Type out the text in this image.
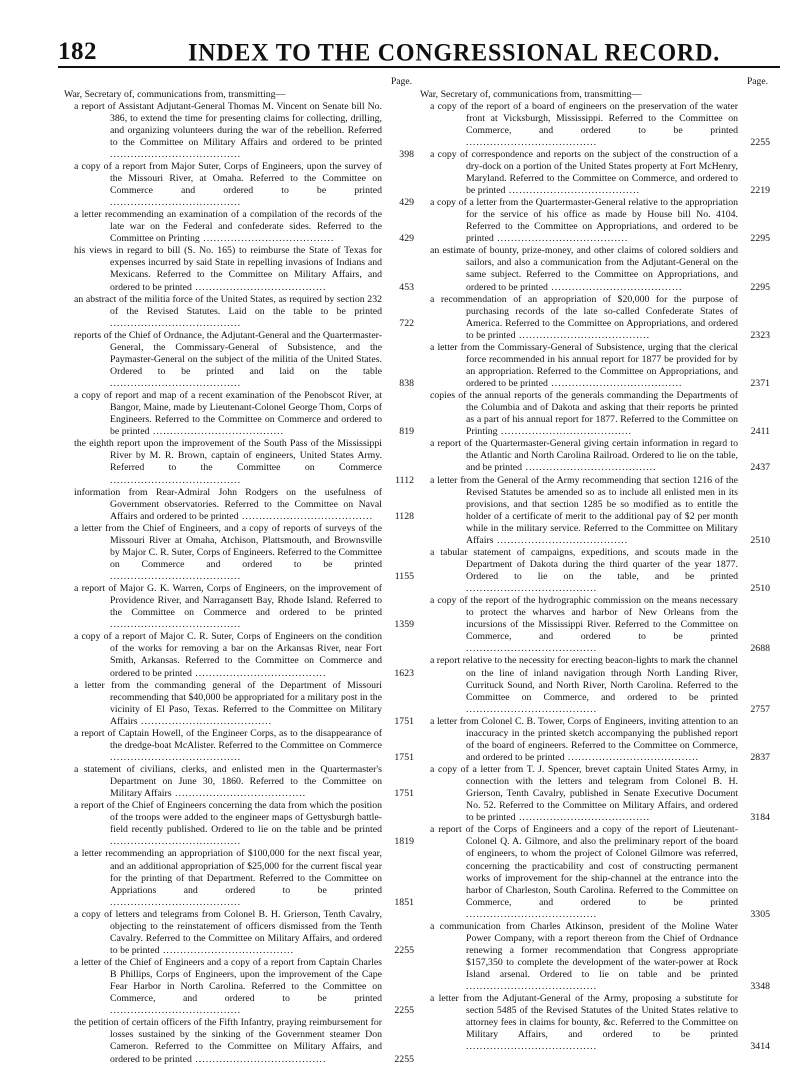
182	INDEX TO THE CONGRESSIONAL RECORD.
Page.
War, Secretary of, communications from, transmitting—
a report of Assistant Adjutant-General Thomas M. Vincent on Senate bill No. 386, to extend the time for presenting claims for collecting, drilling, and organizing volunteers during the war of the rebellion. Referred to the Committee on Military Affairs and ordered to be printed .....
398
a copy of a report from Major Suter, Corps of Engineers, upon the survey of the Missouri River, at Omaha. Referred to the Committee on Commerce and ordered to be printed .....
429
a letter recommending an examination of a compilation of the records of the late war on the Federal and confederate sides. Referred to the Committee on Printing .....	429
his views in regard to bill (S. No. 165) to reimburse the State of Texas for expenses incurred by said State in repelling invasions of Indians and Mexicans. Referred to the Committee on Military Affairs, and ordered to be printed .....	453
an abstract of the militia force of the United States, as required by section 232 of the Revised Statutes. Laid on the table to be printed .....
722
reports of the Chief of Ordnance, the Adjutant-General and the Quartermaster-General, the Commissary-General of Subsistence, and the Paymaster-General on the subject of the militia of the United States. Ordered to be printed and laid on the table .....
838
a copy of report and map of a recent examination of the Penobscot River, at Bangor, Maine, made by Lieutenant-Colonel George Thom, Corps of Engineers. Referred to the Committee on Commerce and ordered to be printed .....	819
the eighth report upon the improvement of the South Pass of the Mississippi River by M. R. Brown, captain of engineers, United States Army. Referred to the Committee on Commerce .....
1112
information from Rear-Admiral John Rodgers on the usefulness of Government observatories. Referred to the Committee on Naval Affairs and ordered to be printed .....	1128
a letter from the Chief of Engineers, and a copy of reports of surveys of the Missouri River at Omaha, Atchison, Plattsmouth, and Brownsville by Major C. R. Suter, Corps of Engineers. Referred to the Committee on Commerce and ordered to be printed .....
1155
a report of Major G. K. Warren, Corps of Engineers, on the improvement of Providence River, and Narragansett Bay, Rhode Island. Referred to the Committee on Commerce and ordered to be printed .....
1359
a copy of a report of Major C. R. Suter, Corps of Engineers on the condition of the works for removing a bar on the Arkansas River, near Fort Smith, Arkansas. Referred to the Committee on Commerce and ordered to be printed .....	1623
a letter from the commanding general of the Department of Missouri recommending that $40,000 be appropriated for a military post in the vicinity of El Paso, Texas. Referred to the Committee on Military Affairs .....	1751
a report of Captain Howell, of the Engineer Corps, as to the disappearance of the dredge-boat McAlister. Referred to the Committee on Commerce .....
1751
a statement of civilians, clerks, and enlisted men in the Quartermaster's Department on June 30, 1860. Referred to the Committee on Military Affairs .....	1751
a report of the Chief of Engineers concerning the data from which the position of the troops were added to the engineer maps of Gettysburgh battle-field recently published. Ordered to lie on the table and be printed .....
1819
a letter recommending an appropriation of $100,000 for the next fiscal year, and an additional appropriation of $25,000 for the current fiscal year for the printing of that Department. Referred to the Committee on Appriations and ordered to be printed .....
1851
a copy of letters and telegrams from Colonel B. H. Grierson, Tenth Cavalry, objecting to the reinstatement of officers dismissed from the Tenth Cavalry. Referred to the Committee on Military Affairs, and ordered to be printed .....	2255
a letter of the Chief of Engineers and a copy of a report from Captain Charles B Phillips, Corps of Engineers, upon the improvement of the Cape Fear Harbor in North Carolina. Referred to the Committee on Commerce, and ordered to be printed .....
2255
the petition of certain officers of the Fifth Infantry, praying reimbursement for losses sustained by the sinking of the Government steamer Don Cameron. Referred to the Committee on Military Affairs, and ordered to be printed .....	2255
Page.
War, Secretary of, communications from, transmitting—
a copy of the report of a board of engineers on the preservation of the water front at Vicksburgh, Mississippi. Referred to the Committee on Commerce, and ordered to be printed .....
2255
a copy of correspondence and reports on the subject of the construction of a dry-dock on a portion of the United States property at Fort McHenry, Maryland. Referred to the Committee on Commerce, and ordered to be printed .....	2219
a copy of a letter from the Quartermaster-General relative to the appropriation for the service of his office as made by House bill No. 4104. Referred to the Committee on Appropriations, and ordered to be printed .....	2295
an estimate of bounty, prize-money, and other claims of colored soldiers and sailors, and also a communication from the Adjutant-General on the same subject. Referred to the Committee on Appropriations, and ordered to be printed .....	2295
a recommendation of an appropriation of $20,000 for the purpose of purchasing records of the late so-called Confederate States of America. Referred to the Committee on Appropriations, and ordered to be printed .....	2323
a letter from the Commissary-General of Subsistence, urging that the clerical force recommended in his annual report for 1877 be provided for by an appropriation. Referred to the Committee on Appropriations, and ordered to be printed .....	2371
copies of the annual reports of the generals commanding the Departments of the Columbia and of Dakota and asking that their reports be printed as a part of his annual report for 1877. Referred to the Committee on Printing .....	2411
a report of the Quartermaster-General giving certain information in regard to the Atlantic and North Carolina Railroad. Ordered to lie on the table, and be printed .....	2437
a letter from the General of the Army recommending that section 1216 of the Revised Statutes be amended so as to include all enlisted men in its provisions, and that section 1285 be so modified as to entitle the holder of a certificate of merit to the additional pay of $2 per month while in the military service. Referred to the Committee on Military Affairs .....	2510
a tabular statement of campaigns, expeditions, and scouts made in the Department of Dakota during the third quarter of the year 1877. Ordered to lie on the table, and be printed .....
2510
a copy of the report of the hydrographic commission on the means necessary to protect the wharves and harbor of New Orleans from the incursions of the Mississippi River. Referred to the Committee on Commerce, and ordered to be printed .....
2688
a report relative to the necessity for erecting beacon-lights to mark the channel on the line of inland navigation through North Landing River, Currituck Sound, and North River, North Carolina. Referred to the Committee on Commerce, and ordered to be printed .....
2757
a letter from Colonel C. B. Tower, Corps of Engineers, inviting attention to an inaccuracy in the printed sketch accompanying the published report of the board of engineers. Referred to the Committee on Commerce, and ordered to be printed .....	2837
a copy of a letter from T. J. Spencer, brevet captain United States Army, in connection with the letters and telegram from Colonel B. H. Grierson, Tenth Cavalry, published in Senate Executive Document No. 52. Referred to the Committee on Military Affairs, and ordered to be printed .....	3184
a report of the Corps of Engineers and a copy of the report of Lieutenant-Colonel Q. A. Gilmore, and also the preliminary report of the board of engineers, to whom the project of Colonel Gilmore was referred, concerning the practicability and cost of constructing permanent works of improvement for the ship-channel at the entrance into the harbor of Charleston, South Carolina. Referred to the Committee on Commerce, and ordered to be printed .....
3305
a communication from Charles Atkinson, president of the Moline Water Power Company, with a report thereon from the Chief of Ordnance renewing a former recommendation that Congress appropriate $157,350 to complete the development of the water-power at Rock Island arsenal. Ordered to lie on table and be printed .....
3348
a letter from the Adjutant-General of the Army, proposing a substitute for section 5485 of the Revised Statutes of the United States relative to attorney fees in claims for bounty, &c. Referred to the Committee on Military Affairs, and ordered to be printed .....
3414
